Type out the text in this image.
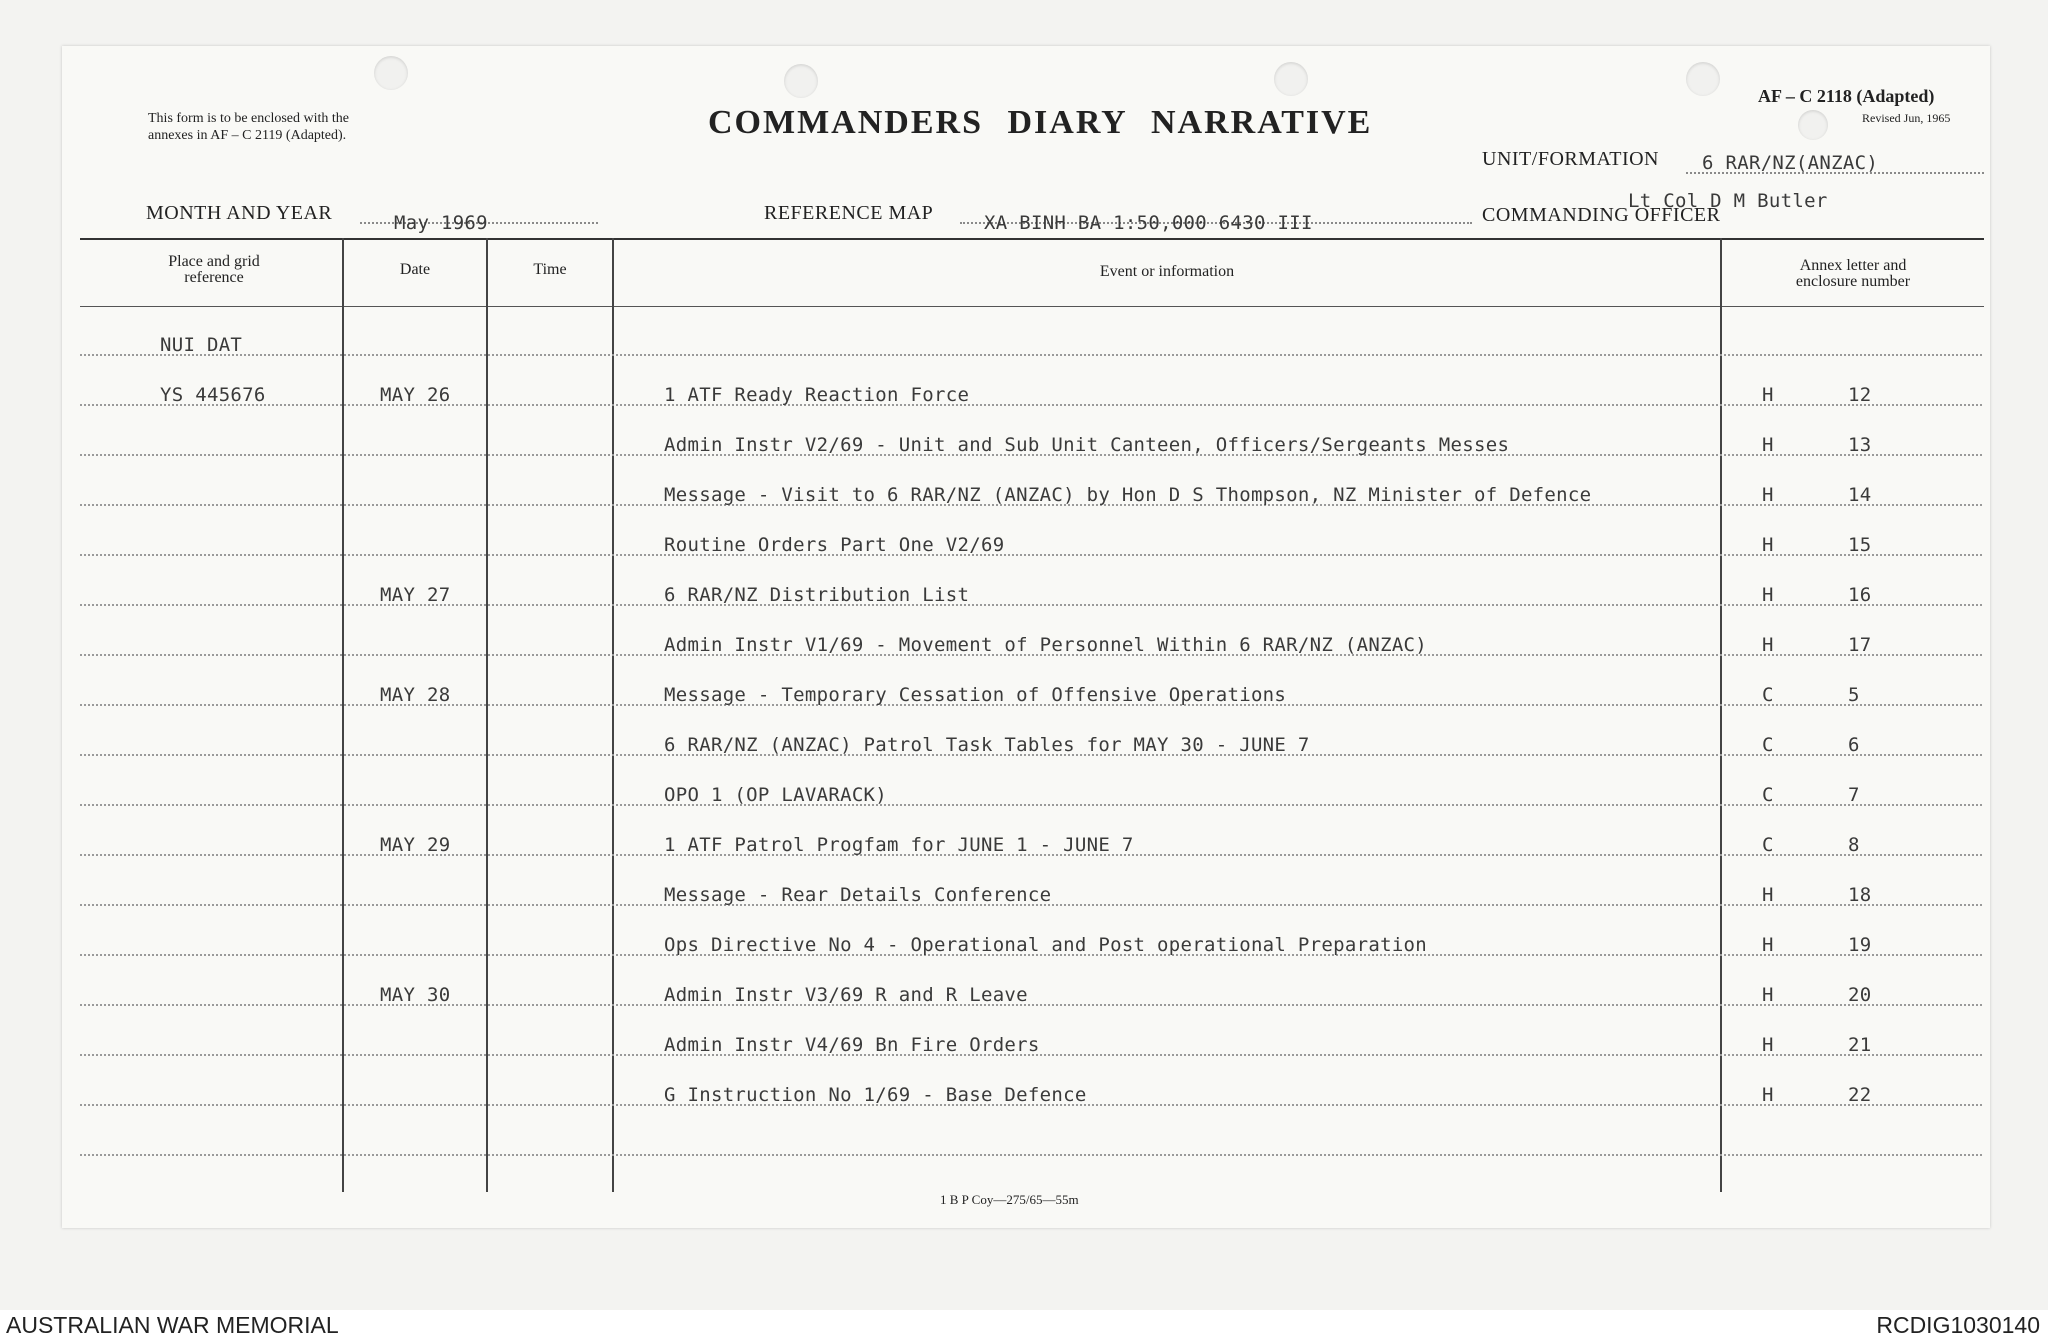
This form is to be enclosed with the
annexes in AF – C 2119 (Adapted).	COMMANDERS DIARY NARRATIVE
AF – C 2118 (Adapted)
Revised Jun, 1965
UNIT/FORMATION 6 RAR/NZ(ANZAC)
MONTH AND YEAR	May 1969	REFERENCE MAP	XA BINH BA 1:50,000 6430 III	COMMANDING OFFICER
Lt Col D M Butler
Place and grid
reference	Date	Time	Event or information	Annex letter and
enclosure number
NUI DAT
YS 445676	MAY 26	1 ATF Ready Reaction Force	H	12
Admin Instr V2/69 - Unit and Sub Unit Canteen, Officers/Sergeants Messes	H	13
Message - Visit to 6 RAR/NZ (ANZAC) by Hon D S Thompson, NZ Minister of Defence	H	14
Routine Orders Part One V2/69	H	15
MAY 27	6 RAR/NZ Distribution List	H	16
Admin Instr V1/69 - Movement of Personnel Within 6 RAR/NZ (ANZAC)	H	17
MAY 28	Message - Temporary Cessation of Offensive Operations	C	5
6 RAR/NZ (ANZAC) Patrol Task Tables for MAY 30 - JUNE 7	C	6
OPO 1 (OP LAVARACK)	C	7
MAY 29	1 ATF Patrol Progfam for JUNE 1 - JUNE 7	C	8
Message - Rear Details Conference	H	18
Ops Directive No 4 - Operational and Post operational Preparation	H	19
MAY 30	Admin Instr V3/69 R and R Leave	H	20
Admin Instr V4/69 Bn Fire Orders	H	21
G Instruction No 1/69 - Base Defence	H	22
1 B P Coy—275/65—55m
AUSTRALIAN WAR MEMORIAL	RCDIG1030140
